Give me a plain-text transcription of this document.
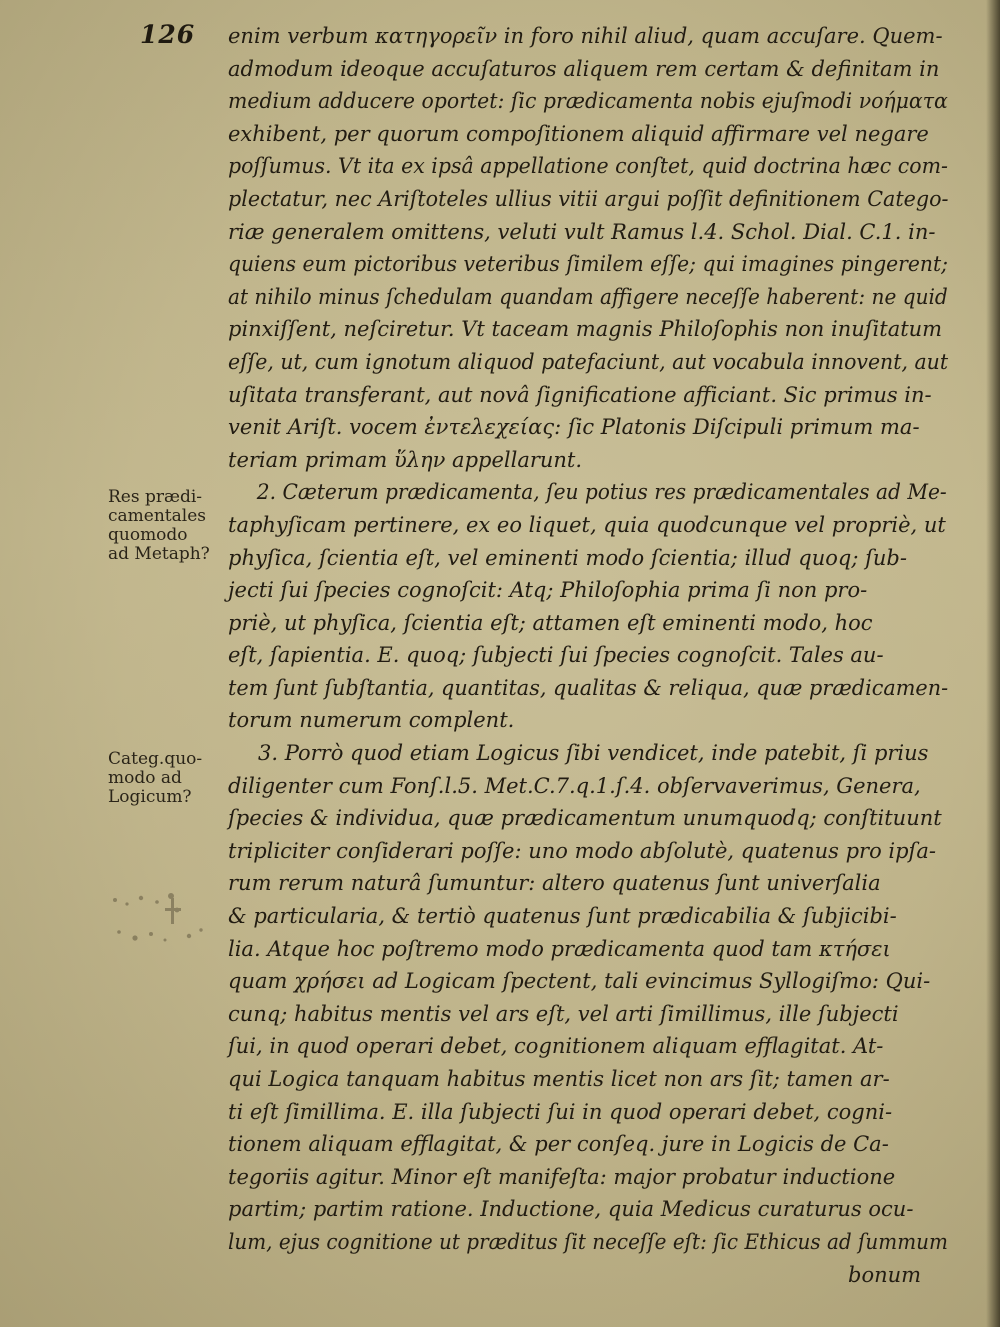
126
Res prædi-
camentales
quomodo
ad Metaph?
Categ.quo-
modo ad
Logicum?
enim verbum κατηγορεῖν in foro nihil aliud, quam accuſare. Quem-
admodum ideoque accuſaturos aliquem rem certam & definitam in
medium adducere oportet: ſic prædicamenta nobis ejuſmodi νοήματα
exhibent, per quorum compoſitionem aliquid affirmare vel negare
poſſumus. Vt ita ex ipsâ appellatione conſtet, quid doctrina hæc com-
plectatur, nec Ariſtoteles ullius vitii argui poſſit definitionem Catego-
riæ generalem omittens, veluti vult Ramus l.4. Schol. Dial. C.1. in-
quiens eum pictoribus veteribus ſimilem eſſe; qui imagines pingerent;
at nihilo minus ſchedulam quandam affigere neceſſe haberent: ne quid
pinxiſſent, neſciretur. Vt taceam magnis Philoſophis non inuſitatum
eſſe, ut, cum ignotum aliquod patefaciunt, aut vocabula innovent, aut
uſitata transferant, aut novâ ſignificatione afficiant. Sic primus in-
venit Ariſt. vocem ἐντελεχείας: ſic Platonis Diſcipuli primum ma-
teriam primam ὕλην appellarunt.
2. Cæterum prædicamenta, ſeu potius res prædicamentales ad Me-
taphyſicam pertinere, ex eo liquet, quia quodcunque vel propriè, ut
phyſica, ſcientia eſt, vel eminenti modo ſcientia; illud quoq; ſub-
jecti ſui ſpecies cognoſcit: Atq; Philoſophia prima ſi non pro-
priè, ut phyſica, ſcientia eſt; attamen eſt eminenti modo, hoc
eſt, ſapientia. E. quoq; ſubjecti ſui ſpecies cognoſcit. Tales au-
tem ſunt ſubſtantia, quantitas, qualitas & reliqua, quæ prædicamen-
torum numerum complent.
3. Porrò quod etiam Logicus ſibi vendicet, inde patebit, ſi prius
diligenter cum Fonſ.l.5. Met.C.7.q.1.ſ.4. obſervaverimus, Genera,
ſpecies & individua, quæ prædicamentum unumquodq; conſtituunt
tripliciter conſiderari poſſe: uno modo abſolutè, quatenus pro ipſa-
rum rerum naturâ ſumuntur: altero quatenus ſunt univerſalia
& particularia, & tertiò quatenus ſunt prædicabilia & ſubjicibi-
lia. Atque hoc poſtremo modo prædicamenta quod tam κτήσει
quam χρήσει ad Logicam ſpectent, tali evincimus Syllogiſmo: Qui-
cunq; habitus mentis vel ars eſt, vel arti ſimillimus, ille ſubjecti
ſui, in quod operari debet, cognitionem aliquam efflagitat. At-
qui Logica tanquam habitus mentis licet non ars ſit; tamen ar-
ti eſt ſimillima. E. illa ſubjecti ſui in quod operari debet, cogni-
tionem aliquam efflagitat, & per conſeq. jure in Logicis de Ca-
tegoriis agitur. Minor eſt manifeſta: major probatur inductione
partim; partim ratione. Inductione, quia Medicus curaturus ocu-
lum, ejus cognitione ut præditus ſit neceſſe eſt: ſic Ethicus ad ſummum
bonum
